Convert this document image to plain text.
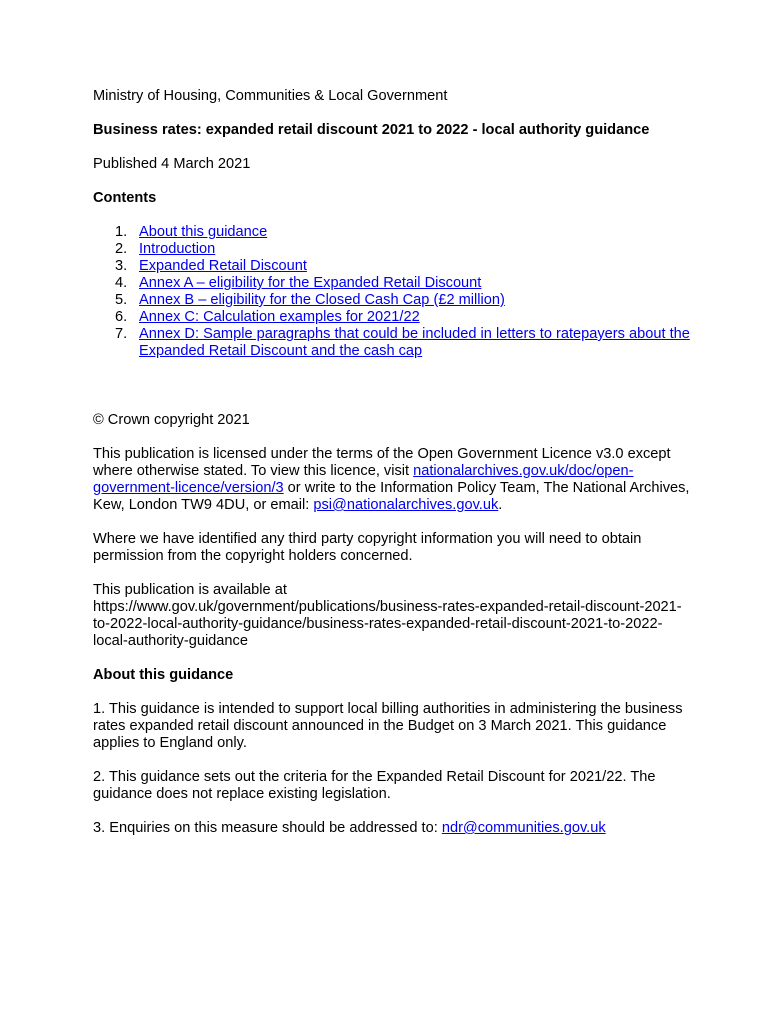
Ministry of Housing, Communities & Local Government

Business rates: expanded retail discount 2021 to 2022 - local authority guidance

Published 4 March 2021

Contents

1. About this guidance
2. Introduction
3. Expanded Retail Discount
4. Annex A – eligibility for the Expanded Retail Discount
5. Annex B – eligibility for the Closed Cash Cap (£2 million)
6. Annex C: Calculation examples for 2021/22
7. Annex D: Sample paragraphs that could be included in letters to ratepayers about the Expanded Retail Discount and the cash cap

© Crown copyright 2021

This publication is licensed under the terms of the Open Government Licence v3.0 except where otherwise stated. To view this licence, visit nationalarchives.gov.uk/doc/open-government-licence/version/3 or write to the Information Policy Team, The National Archives, Kew, London TW9 4DU, or email: psi@nationalarchives.gov.uk.

Where we have identified any third party copyright information you will need to obtain permission from the copyright holders concerned.

This publication is available at
https://www.gov.uk/government/publications/business-rates-expanded-retail-discount-2021-to-2022-local-authority-guidance/business-rates-expanded-retail-discount-2021-to-2022-local-authority-guidance

About this guidance

1. This guidance is intended to support local billing authorities in administering the business rates expanded retail discount announced in the Budget on 3 March 2021. This guidance applies to England only.

2. This guidance sets out the criteria for the Expanded Retail Discount for 2021/22. The guidance does not replace existing legislation.

3. Enquiries on this measure should be addressed to: ndr@communities.gov.uk
